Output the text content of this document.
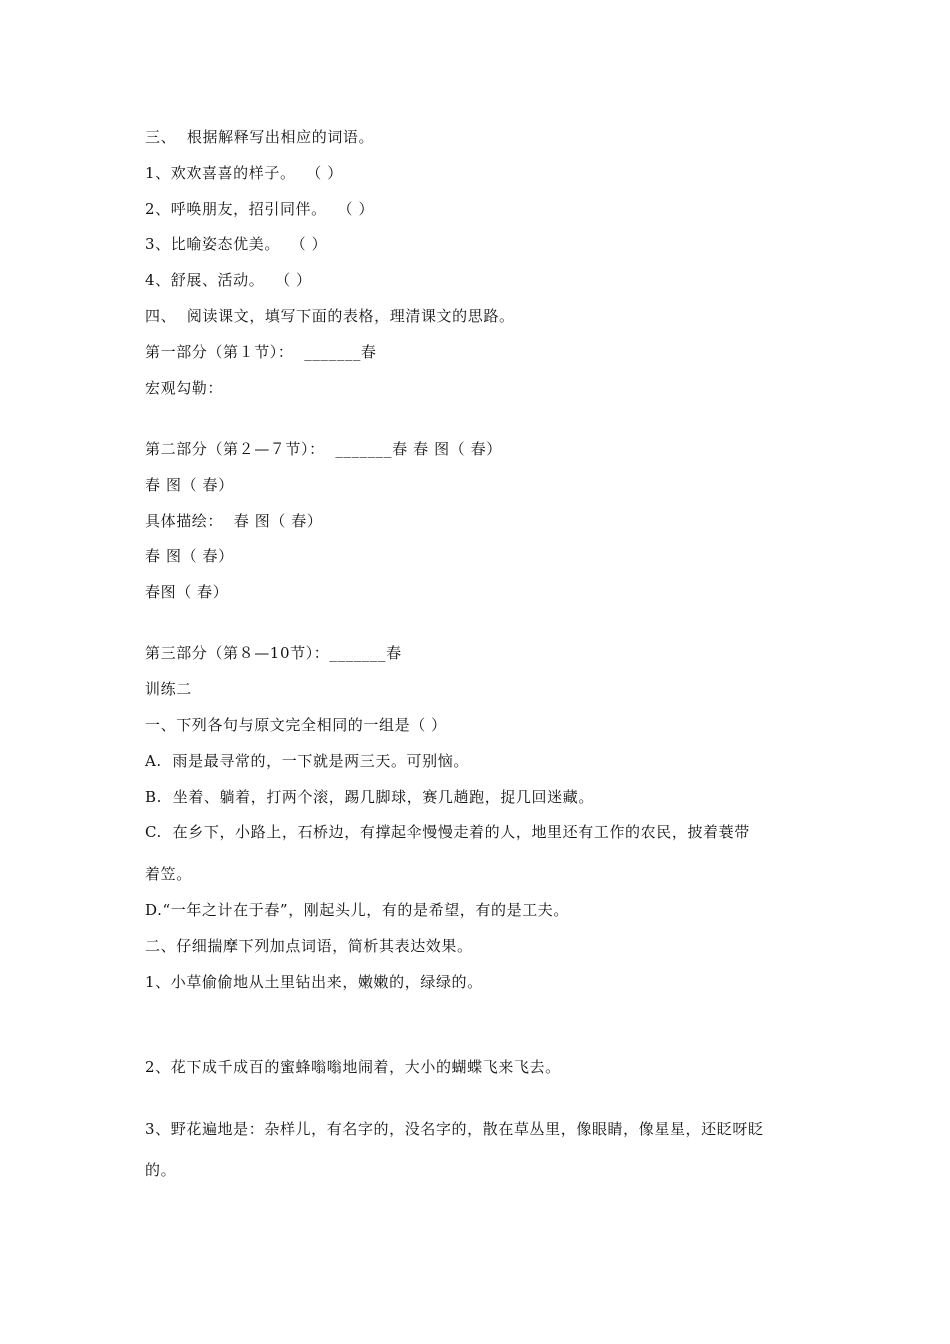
三、  根据解释写出相应的词语。
1、欢欢喜喜的样子。  （ ）
2、呼唤朋友，招引同伴。  （ ）
3、比喻姿态优美。  （ ）
4、舒展、活动。  （ ）
四、  阅读课文，填写下面的表格，理清课文的思路。
第一部分（第１节）：  _______春
宏观勾勒：
第二部分（第２—７节）：  _______春 春 图（ 春）
春 图（ 春）
具体描绘：  春 图（ 春）
春 图（ 春）
春图（ 春）
第三部分（第８—10节）：_______春
训练二
一、下列各句与原文完全相同的一组是（ ）
A.  雨是最寻常的，一下就是两三天。可别恼。
B.  坐着、躺着，打两个滚，踢几脚球，赛几趟跑，捉几回迷藏。
C.  在乡下，小路上，石桥边，有撑起伞慢慢走着的人，地里还有工作的农民，披着蓑带
着笠。
D.“一年之计在于春”，刚起头儿，有的是希望，有的是工夫。
二、仔细揣摩下列加点词语，简析其表达效果。
1、小草偷偷地从土里钻出来，嫩嫩的，绿绿的。
2、花下成千成百的蜜蜂嗡嗡地闹着，大小的蝴蝶飞来飞去。
3、野花遍地是：杂样儿，有名字的，没名字的，散在草丛里，像眼睛，像星星，还眨呀眨
的。
